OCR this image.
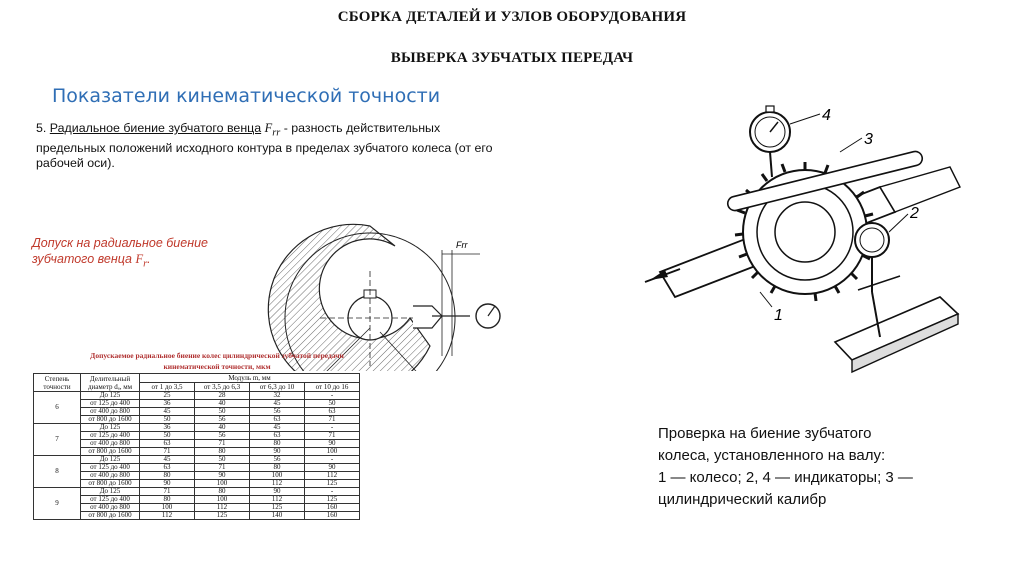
СБОРКА ДЕТАЛЕЙ И УЗЛОВ ОБОРУДОВАНИЯ
ВЫВЕРКА ЗУБЧАТЫХ ПЕРЕДАЧ
Показатели кинематической точности
5. Радиальное биение зубчатого венца $F_{rr}$ - разность действительных предельных положений исходного контура в пределах зубчатого колеса (от его рабочей оси).
Допуск на радиальное биение
зубчатого венца $F_r$.
Frr
Допускаемое радиальное биение колес цилиндрической зубчатой передачи
кинематической точности, мкм
Степень точности	Делительный диаметр dₐ, мм	Модуль m, мм			
		от 1 до 3,5	от 3,5 до 6,3	от 6,3 до 10	от 10 до 16
6	До 125	25	28	32	-
	от 125 до 400	36	40	45	50
	от 400 до 800	45	50	56	63
	от 800 до 1600	50	56	63	71
7	До 125	36	40	45	-
	от 125 до 400	50	56	63	71
	от 400 до 800	63	71	80	90
	от 800 до 1600	71	80	90	100
8	До 125	45	50	56	-
	от 125 до 400	63	71	80	90
	от 400 до 800	80	90	100	112
	от 800 до 1600	90	100	112	125
9	До 125	71	80	90	-
	от 125 до 400	80	100	112	125
	от 400 до 800	100	112	125	160
	от 800 до 1600	112	125	140	160
4
3
2
1
Проверка на биение зубчатого
колеса, установленного на валу:
1 — колесо; 2, 4 — индикаторы; 3 —
цилиндрический калибр
